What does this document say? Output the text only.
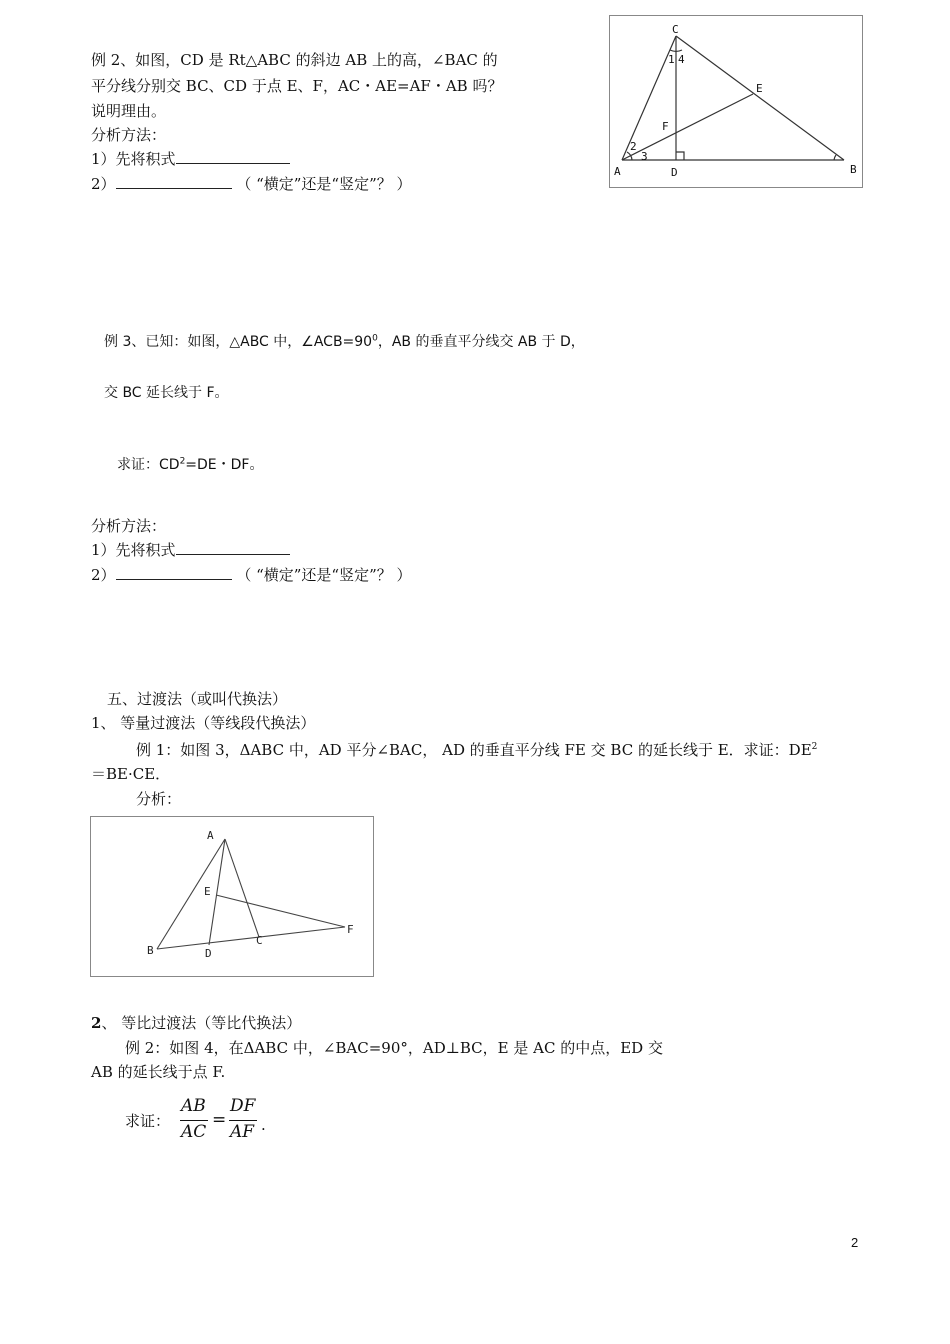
例 2、如图，CD 是 Rt△ABC 的斜边 AB 上的高，∠BAC 的
平分线分别交 BC、CD 于点 E、F，AC・AE=AF・AB 吗？
说明理由。
分析方法：
1）先将积式
2）	（ “横定”还是“竖定”？ ）
C
A	B
D
E
F
1 4
2
3
例 3、已知：如图，△ABC 中，$\angle ACB=90^0$，AB 的垂直平分线交 AB 于 D，
交 BC 延长线于 F。
求证：$CD^2=DE$・DF。
分析方法：
1）先将积式
2）	（ “横定”还是“竖定”？ ）
五、过渡法（或叫代换法）
1、 等量过渡法（等线段代换法）
例 1：如图 3，ΔABC 中，AD 平分∠BAC， AD 的垂直平分线 FE 交 BC 的延长线于 E．求证：$DE^2$
＝BE·CE．
分析：
A
B	D
C
E
F
2、 等比过渡法（等比代换法）
例 2：如图 4，在ΔABC 中，∠BAC=90°，AD⊥BC，E 是 AC 的中点，ED 交
AB 的延长线于点 F.
求证：
AB
AC
=
DF
AF .
2
